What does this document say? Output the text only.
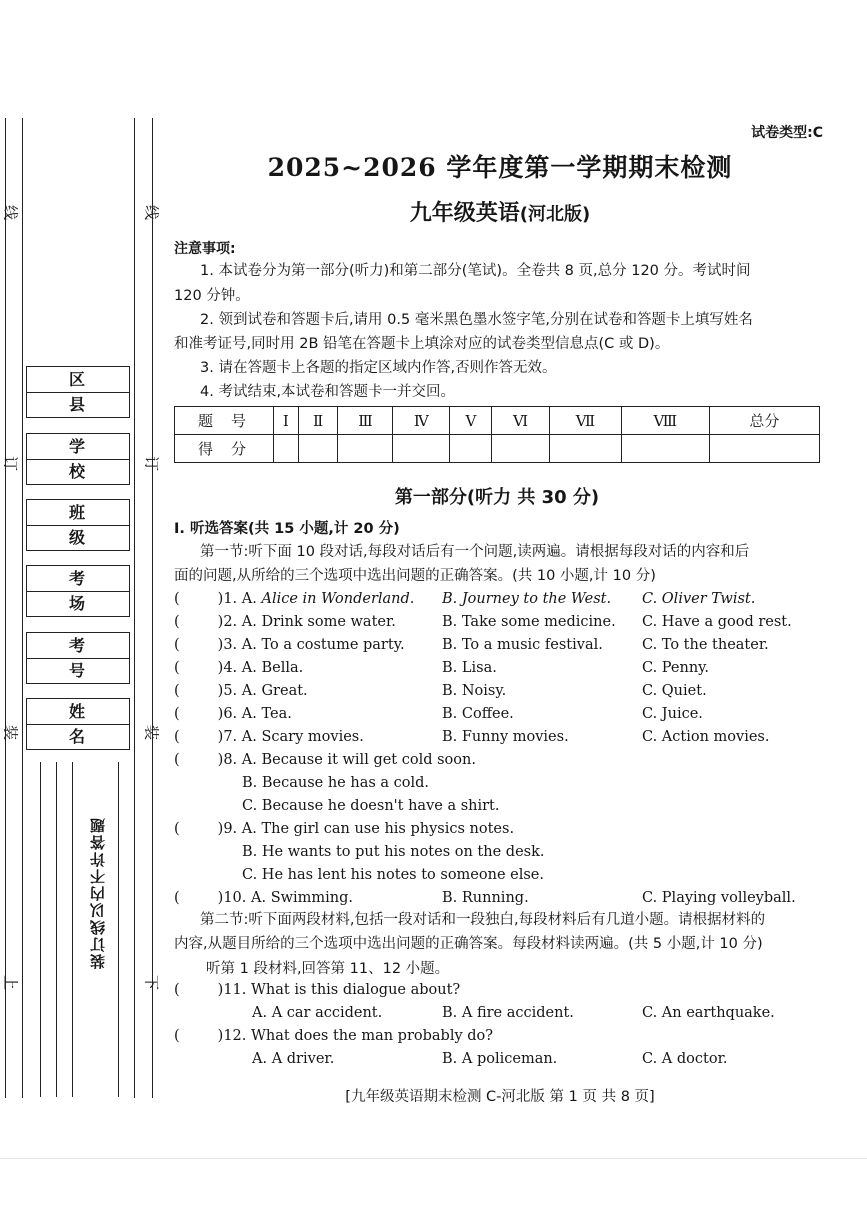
线	线
订	订
装	装
上	下
区县
学校
班级
考场
考号
姓名
装订线以内不许答题
试卷类型:C
2025~2026 学年度第一学期期末检测
九年级英语(河北版)
注意事项:
1. 本试卷分为第一部分(听力)和第二部分(笔试)。全卷共 8 页,总分 120 分。考试时间
120 分钟。
2. 领到试卷和答题卡后,请用 0.5 毫米黑色墨水签字笔,分别在试卷和答题卡上填写姓名
和准考证号,同时用 2B 铅笔在答题卡上填涂对应的试卷类型信息点(C 或 D)。
3. 请在答题卡上各题的指定区域内作答,否则作答无效。
4. 考试结束,本试卷和答题卡一并交回。
题号	Ⅰ	Ⅱ	Ⅲ	Ⅳ	Ⅴ	Ⅵ	Ⅶ	Ⅷ	总分
得分									
第一部分(听力 共 30 分)
Ⅰ. 听选答案(共 15 小题,计 20 分)
第一节:听下面 10 段对话,每段对话后有一个问题,读两遍。请根据每段对话的内容和后
面的问题,从所给的三个选项中选出问题的正确答案。(共 10 小题,计 10 分)
(	)1. A. Alice in Wonderland. B. Journey to the West. C. Oliver Twist.
(	)2. A. Drink some water.	B. Take some medicine. C. Have a good rest.
(	)3. A. To a costume party.	B. To a music festival.	C. To the theater.
(	)4. A. Bella.	B. Lisa.	C. Penny.
(	)5. A. Great.	B. Noisy.	C. Quiet.
(	)6. A. Tea.	B. Coffee.	C. Juice.
(	)7. A. Scary movies.	B. Funny movies.	C. Action movies.
(	)8. A. Because it will get cold soon.
B. Because he has a cold.
C. Because he doesn't have a shirt.
(	)9. A. The girl can use his physics notes.
B. He wants to put his notes on the desk.
C. He has lent his notes to someone else.
(	)10. A. Swimming.	B. Running.	C. Playing volleyball.
第二节:听下面两段材料,包括一段对话和一段独白,每段材料后有几道小题。请根据材料的
内容,从题目所给的三个选项中选出问题的正确答案。每段材料读两遍。(共 5 小题,计 10 分)
听第 1 段材料,回答第 11、12 小题。
(	)11. What is this dialogue about?
A. A car accident.	B. A fire accident.	C. An earthquake.
(	)12. What does the man probably do?
A. A driver.	B. A policeman.	C. A doctor.
[九年级英语期末检测 C-河北版 第 1 页 共 8 页]
